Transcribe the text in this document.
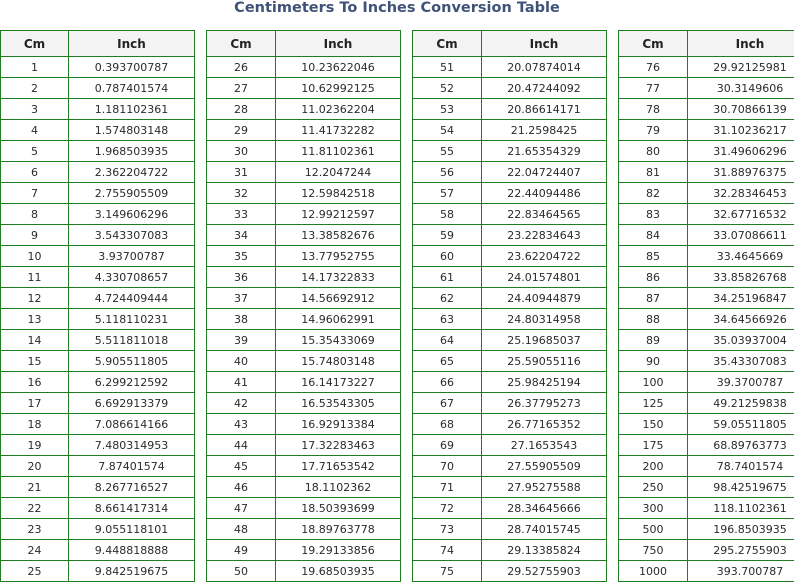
Centimeters To Inches Conversion Table
Cm	Inch
1	0.393700787
2	0.787401574
3	1.181102361
4	1.574803148
5	1.968503935
6	2.362204722
7	2.755905509
8	3.149606296
9	3.543307083
10	3.93700787
11	4.330708657
12	4.724409444
13	5.118110231
14	5.511811018
15	5.905511805
16	6.299212592
17	6.692913379
18	7.086614166
19	7.480314953
20	7.87401574
21	8.267716527
22	8.661417314
23	9.055118101
24	9.448818888
25	9.842519675
Cm	Inch
26	10.23622046
27	10.62992125
28	11.02362204
29	11.41732282
30	11.81102361
31	12.2047244
32	12.59842518
33	12.99212597
34	13.38582676
35	13.77952755
36	14.17322833
37	14.56692912
38	14.96062991
39	15.35433069
40	15.74803148
41	16.14173227
42	16.53543305
43	16.92913384
44	17.32283463
45	17.71653542
46	18.1102362
47	18.50393699
48	18.89763778
49	19.29133856
50	19.68503935
Cm	Inch
51	20.07874014
52	20.47244092
53	20.86614171
54	21.2598425
55	21.65354329
56	22.04724407
57	22.44094486
58	22.83464565
59	23.22834643
60	23.62204722
61	24.01574801
62	24.40944879
63	24.80314958
64	25.19685037
65	25.59055116
66	25.98425194
67	26.37795273
68	26.77165352
69	27.1653543
70	27.55905509
71	27.95275588
72	28.34645666
73	28.74015745
74	29.13385824
75	29.52755903
Cm	Inch
76	29.92125981
77	30.3149606
78	30.70866139
79	31.10236217
80	31.49606296
81	31.88976375
82	32.28346453
83	32.67716532
84	33.07086611
85	33.4645669
86	33.85826768
87	34.25196847
88	34.64566926
89	35.03937004
90	35.43307083
100	39.3700787
125	49.21259838
150	59.05511805
175	68.89763773
200	78.7401574
250	98.42519675
300	118.1102361
500	196.8503935
750	295.2755903
1000	393.700787
